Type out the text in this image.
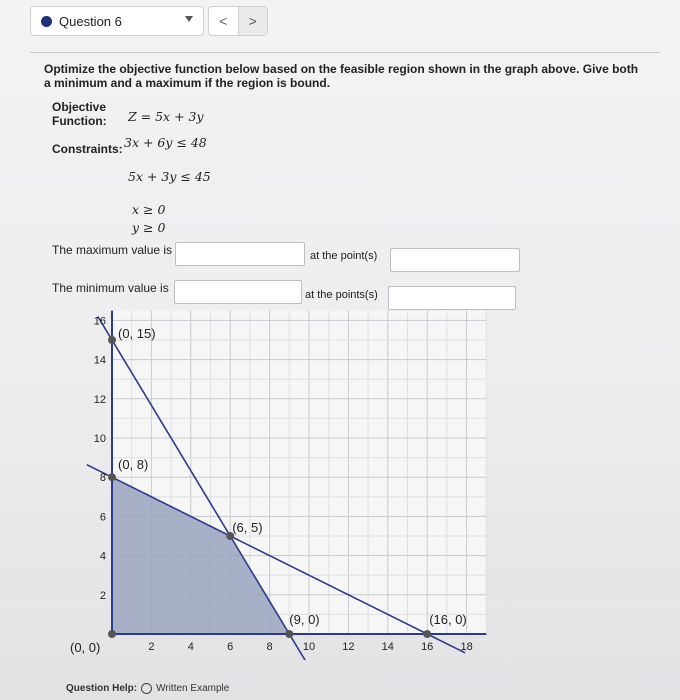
Question 6	<	>
Optimize the objective function below based on the feasible region shown in the graph above. Give both a minimum and a maximum if the region is bound.
Objective
Function: Z = 5x + 3y
Constraints: 3x + 6y ≤ 48
5x + 3y ≤ 45
x ≥ 0
y ≥ 0
The maximum value is	at the point(s)
The minimum value is	at the points(s)
2	4	6	8	10 12 14 16 18
2
4
6
8
10
12
14
16
(0, 15)
(0, 8)
(6, 5)
(9, 0)	(16, 0)
(0, 0)
Question Help: Written Example
